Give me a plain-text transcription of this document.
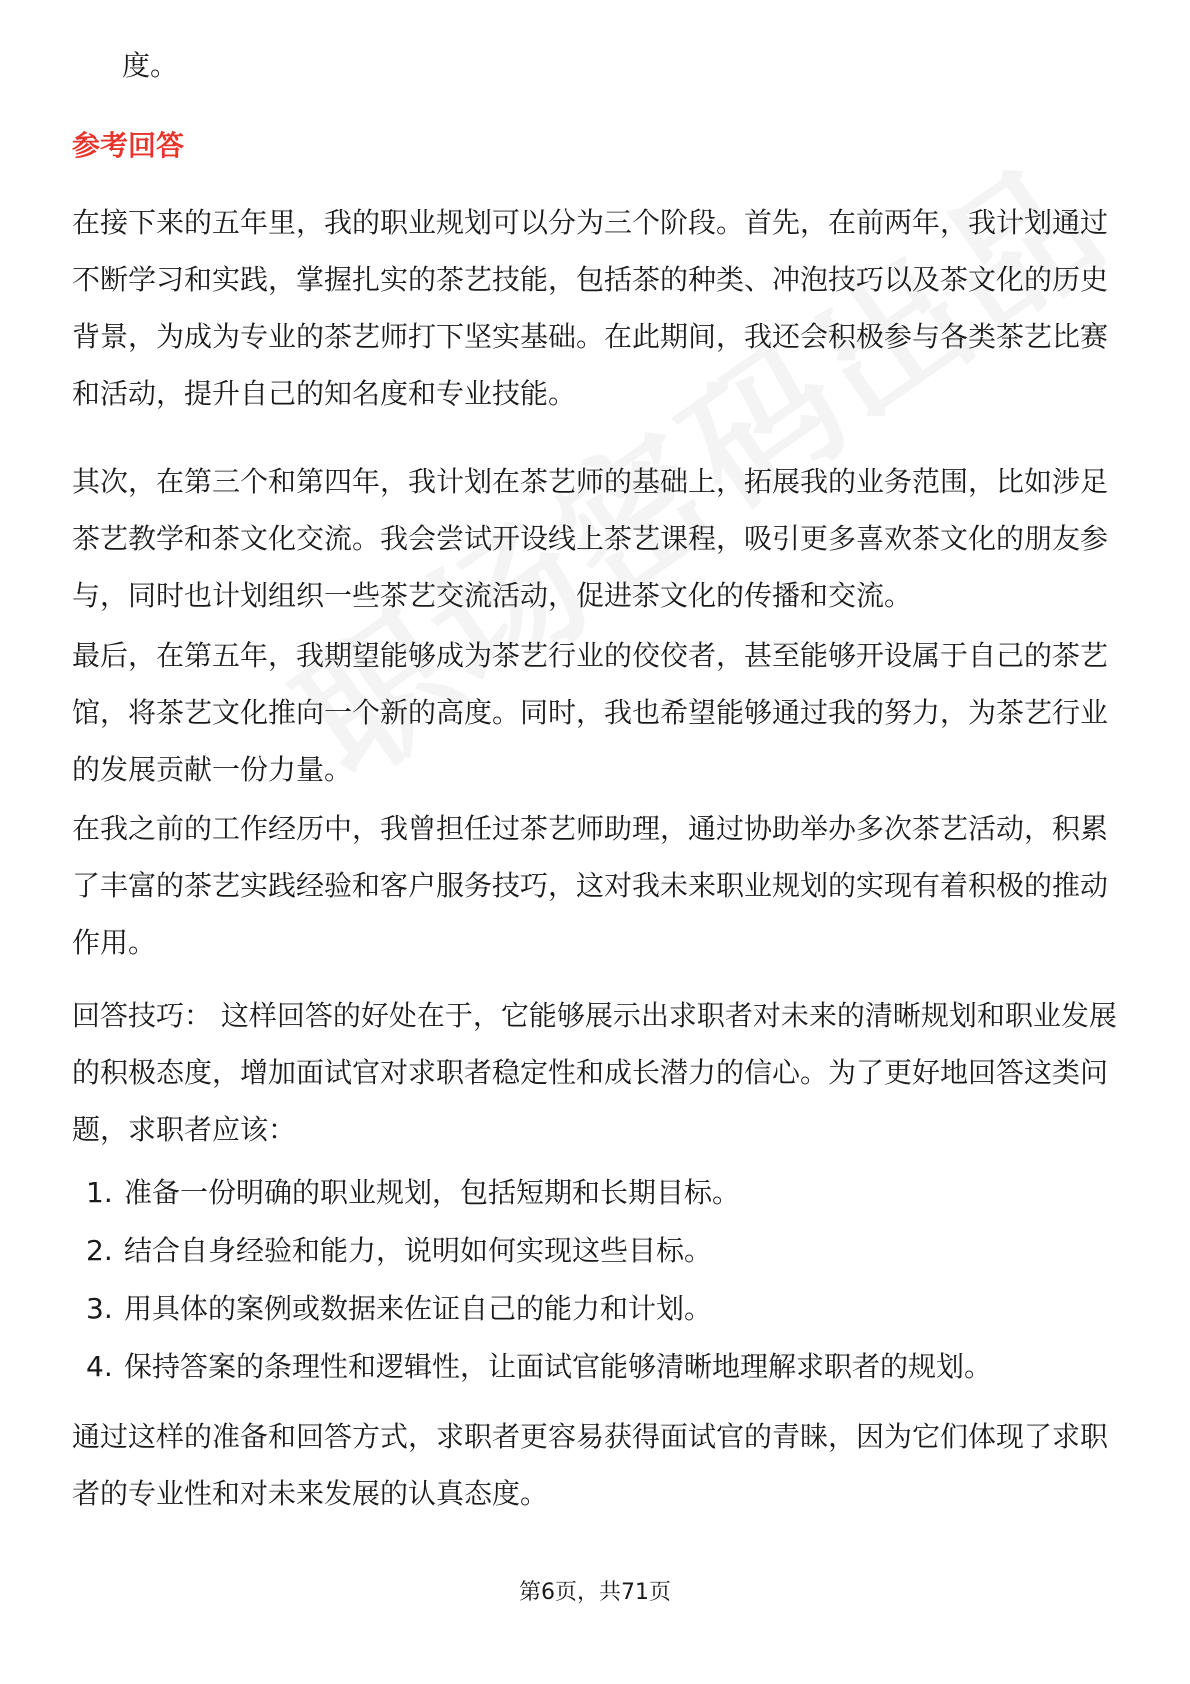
度。

参考回答

在接下来的五年里，我的职业规划可以分为三个阶段。首先，在前两年，我计划通过不断学习和实践，掌握扎实的茶艺技能，包括茶的种类、冲泡技巧以及茶文化的历史背景，为成为专业的茶艺师打下坚实基础。在此期间，我还会积极参与各类茶艺比赛和活动，提升自己的知名度和专业技能。

其次，在第三个和第四年，我计划在茶艺师的基础上，拓展我的业务范围，比如涉足茶艺教学和茶文化交流。我会尝试开设线上茶艺课程，吸引更多喜欢茶文化的朋友参与，同时也计划组织一些茶艺交流活动，促进茶文化的传播和交流。

最后，在第五年，我期望能够成为茶艺行业的佼佼者，甚至能够开设属于自己的茶艺馆，将茶艺文化推向一个新的高度。同时，我也希望能够通过我的努力，为茶艺行业的发展贡献一份力量。

在我之前的工作经历中，我曾担任过茶艺师助理，通过协助举办多次茶艺活动，积累了丰富的茶艺实践经验和客户服务技巧，这对我未来职业规划的实现有着积极的推动作用。

回答技巧： 这样回答的好处在于，它能够展示出求职者对未来的清晰规划和职业发展的积极态度，增加面试官对求职者稳定性和成长潜力的信心。为了更好地回答这类问题，求职者应该：

1. 准备一份明确的职业规划，包括短期和长期目标。
2. 结合自身经验和能力，说明如何实现这些目标。
3. 用具体的案例或数据来佐证自己的能力和计划。
4. 保持答案的条理性和逻辑性，让面试官能够清晰地理解求职者的规划。

通过这样的准备和回答方式，求职者更容易获得面试官的青睐，因为它们体现了求职者的专业性和对未来发展的认真态度。

第6页，共71页
